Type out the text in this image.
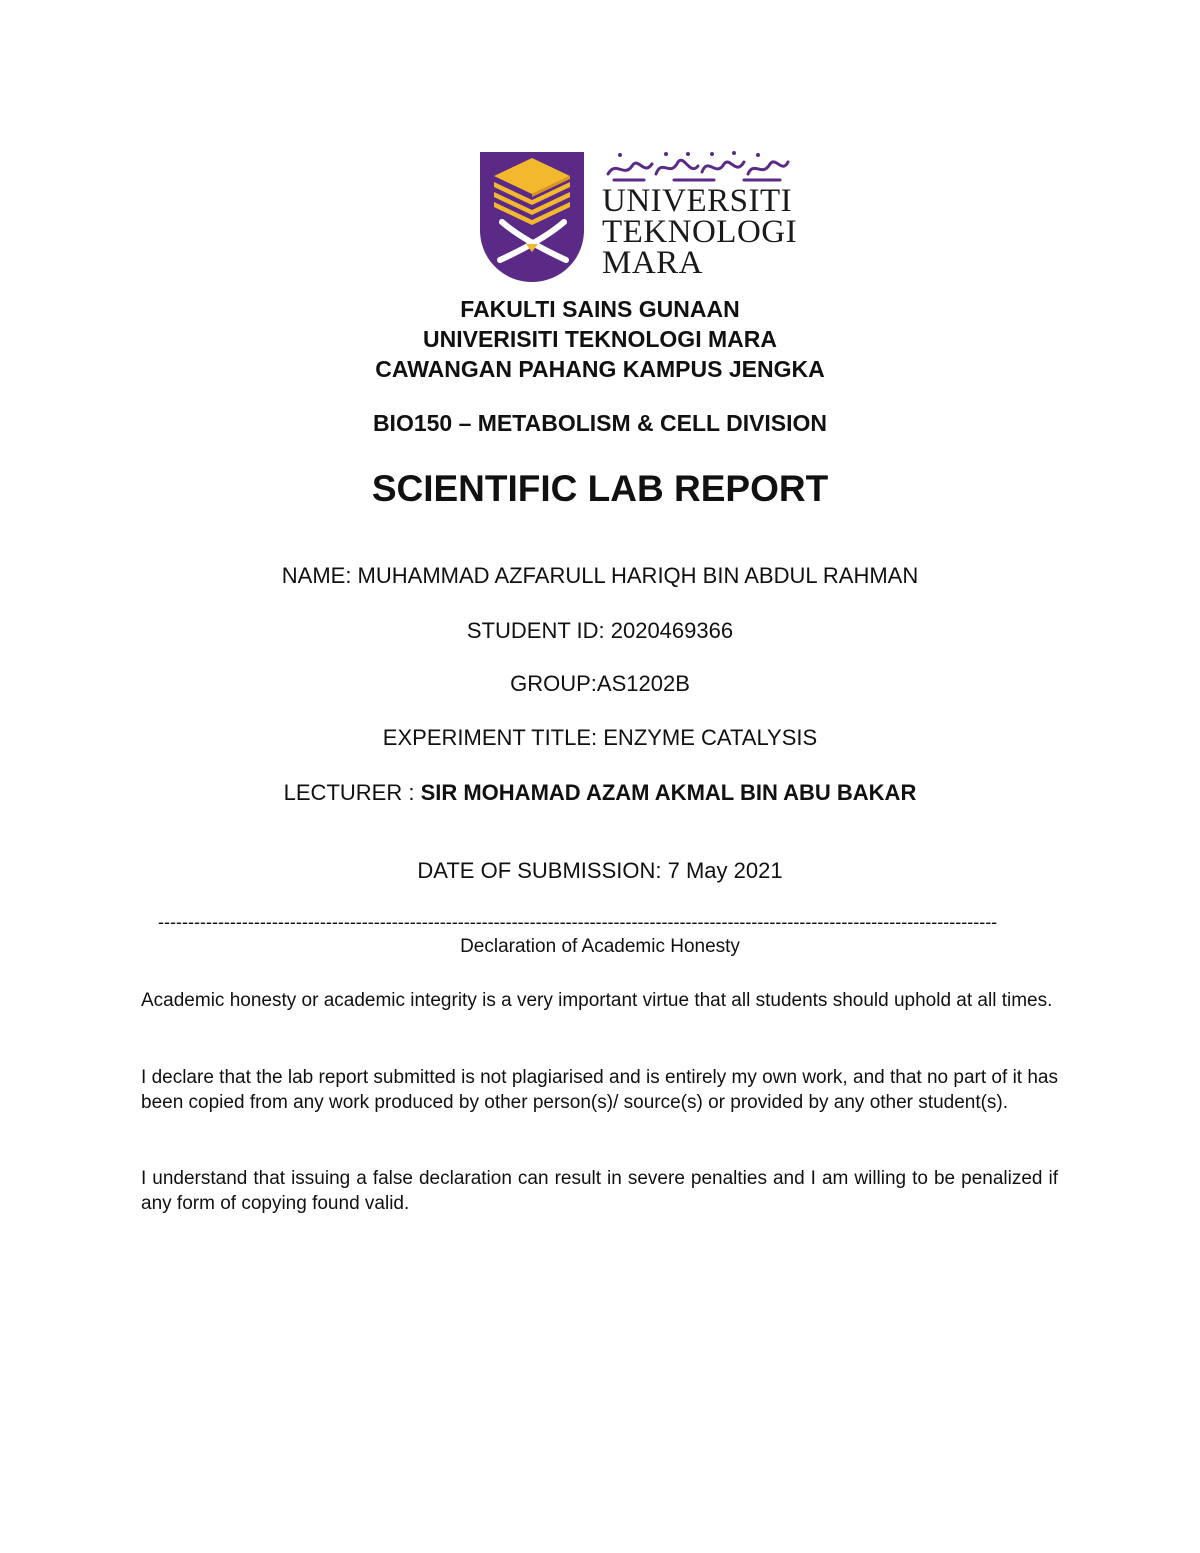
UNIVERSITI
TEKNOLOGI
MARA
FAKULTI SAINS GUNAAN
UNIVERISITI TEKNOLOGI MARA
CAWANGAN PAHANG KAMPUS JENGKA
BIO150 – METABOLISM & CELL DIVISION
SCIENTIFIC LAB REPORT
NAME: MUHAMMAD AZFARULL HARIQH BIN ABDUL RAHMAN
STUDENT ID: 2020469366
GROUP:AS1202B
EXPERIMENT TITLE: ENZYME CATALYSIS
LECTURER : SIR MOHAMAD AZAM AKMAL BIN ABU BAKAR
DATE OF SUBMISSION: 7 May 2021
--------------------------------------------------------------------------------------------------------------------------------------------
Declaration of Academic Honesty
Academic honesty or academic integrity is a very important virtue that all students should uphold at all times.
I declare that the lab report submitted is not plagiarised and is entirely my own work, and that no part of it has been copied from any work produced by other person(s)/ source(s) or provided by any other student(s).
I understand that issuing a false declaration can result in severe penalties and I am willing to be penalized if any form of copying found valid.
